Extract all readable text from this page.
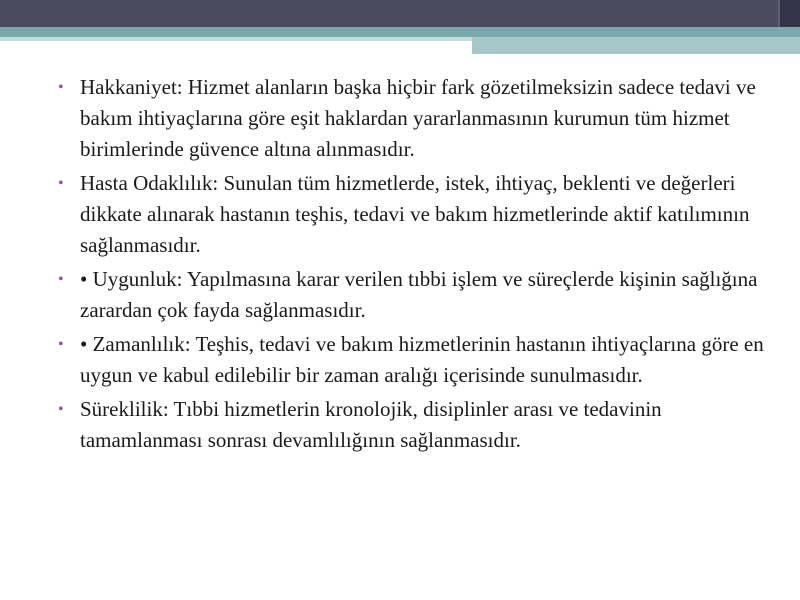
• Hakkaniyet: Hizmet alanların başka hiçbir fark gözetilmeksizin sadece tedavi ve bakım ihtiyaçlarına göre eşit haklardan yararlanmasının kurumun tüm hizmet birimlerinde güvence altına alınmasıdır.
• Hasta Odaklılık: Sunulan tüm hizmetlerde, istek, ihtiyaç, beklenti ve değerleri dikkate alınarak hastanın teşhis, tedavi ve bakım hizmetlerinde aktif katılımının sağlanmasıdır.
• • Uygunluk: Yapılmasına karar verilen tıbbi işlem ve süreçlerde kişinin sağlığına zarardan çok fayda sağlanmasıdır.
• • Zamanlılık: Teşhis, tedavi ve bakım hizmetlerinin hastanın ihtiyaçlarına göre en uygun ve kabul edilebilir bir zaman aralığı içerisinde sunulmasıdır.
• Süreklilik: Tıbbi hizmetlerin kronolojik, disiplinler arası ve tedavinin tamamlanması sonrası devamlılığının sağlanmasıdır.
